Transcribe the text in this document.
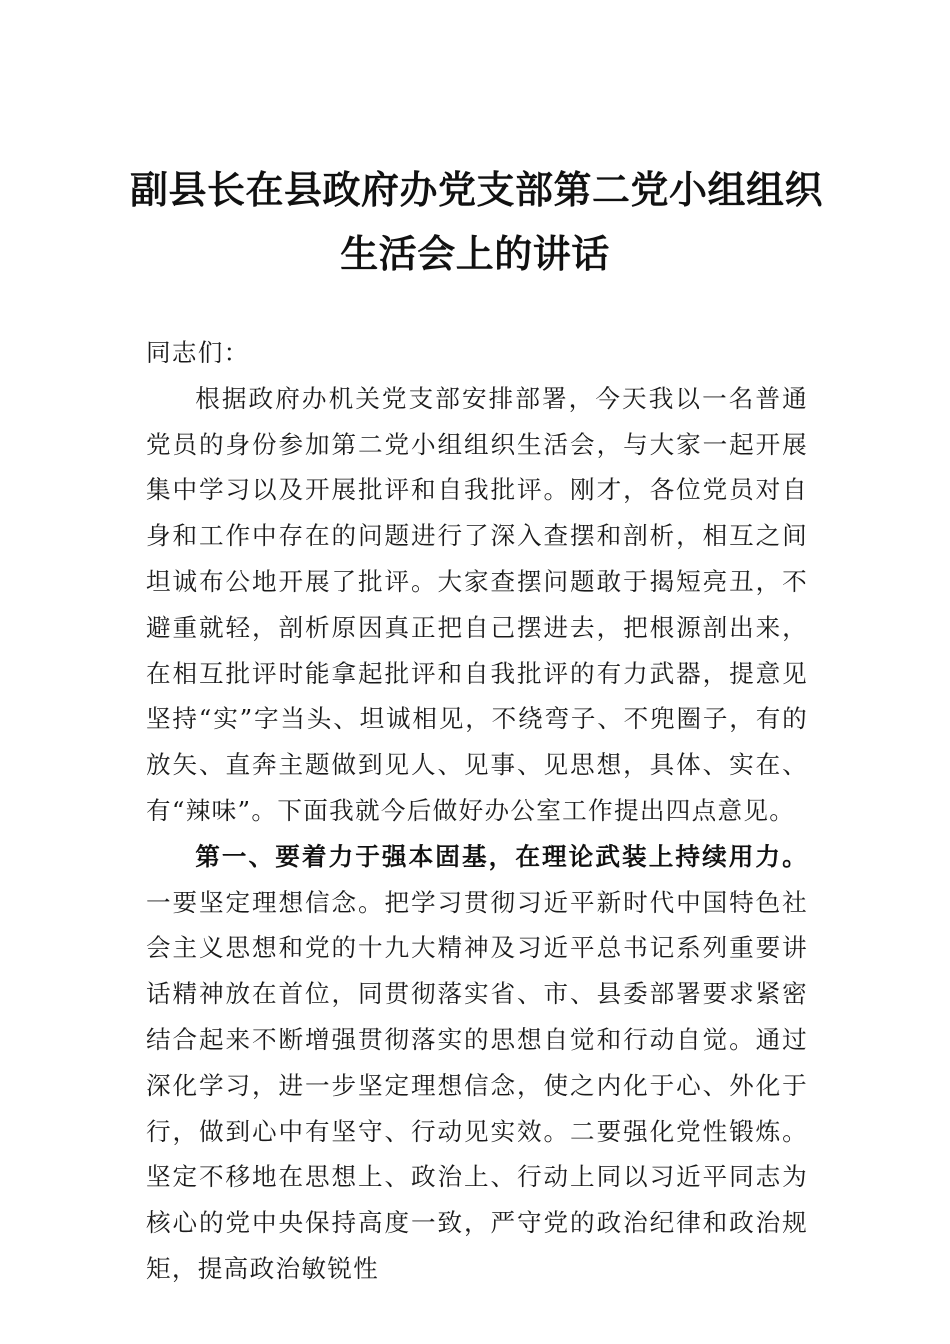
副县长在县政府办党支部第二党小组组织
生活会上的讲话

同志们：

根据政府办机关党支部安排部署，今天我以一名普通党员的身份参加第二党小组组织生活会，与大家一起开展集中学习以及开展批评和自我批评。刚才，各位党员对自身和工作中存在的问题进行了深入查摆和剖析，相互之间坦诚布公地开展了批评。大家查摆问题敢于揭短亮丑，不避重就轻，剖析原因真正把自己摆进去，把根源剖出来，在相互批评时能拿起批评和自我批评的有力武器，提意见坚持“实”字当头、坦诚相见，不绕弯子、不兜圈子，有的放矢、直奔主题做到见人、见事、见思想，具体、实在、有“辣味”。下面我就今后做好办公室工作提出四点意见。

第一、要着力于强本固基，在理论武装上持续用力。一要坚定理想信念。把学习贯彻习近平新时代中国特色社会主义思想和党的十九大精神及习近平总书记系列重要讲话精神放在首位，同贯彻落实省、市、县委部署要求紧密结合起来不断增强贯彻落实的思想自觉和行动自觉。通过深化学习，进一步坚定理想信念，使之内化于心、外化于行，做到心中有坚守、行动见实效。二要强化党性锻炼。坚定不移地在思想上、政治上、行动上同以习近平同志为核心的党中央保持高度一致，严守党的政治纪律和政治规矩，提高政治敏锐性
